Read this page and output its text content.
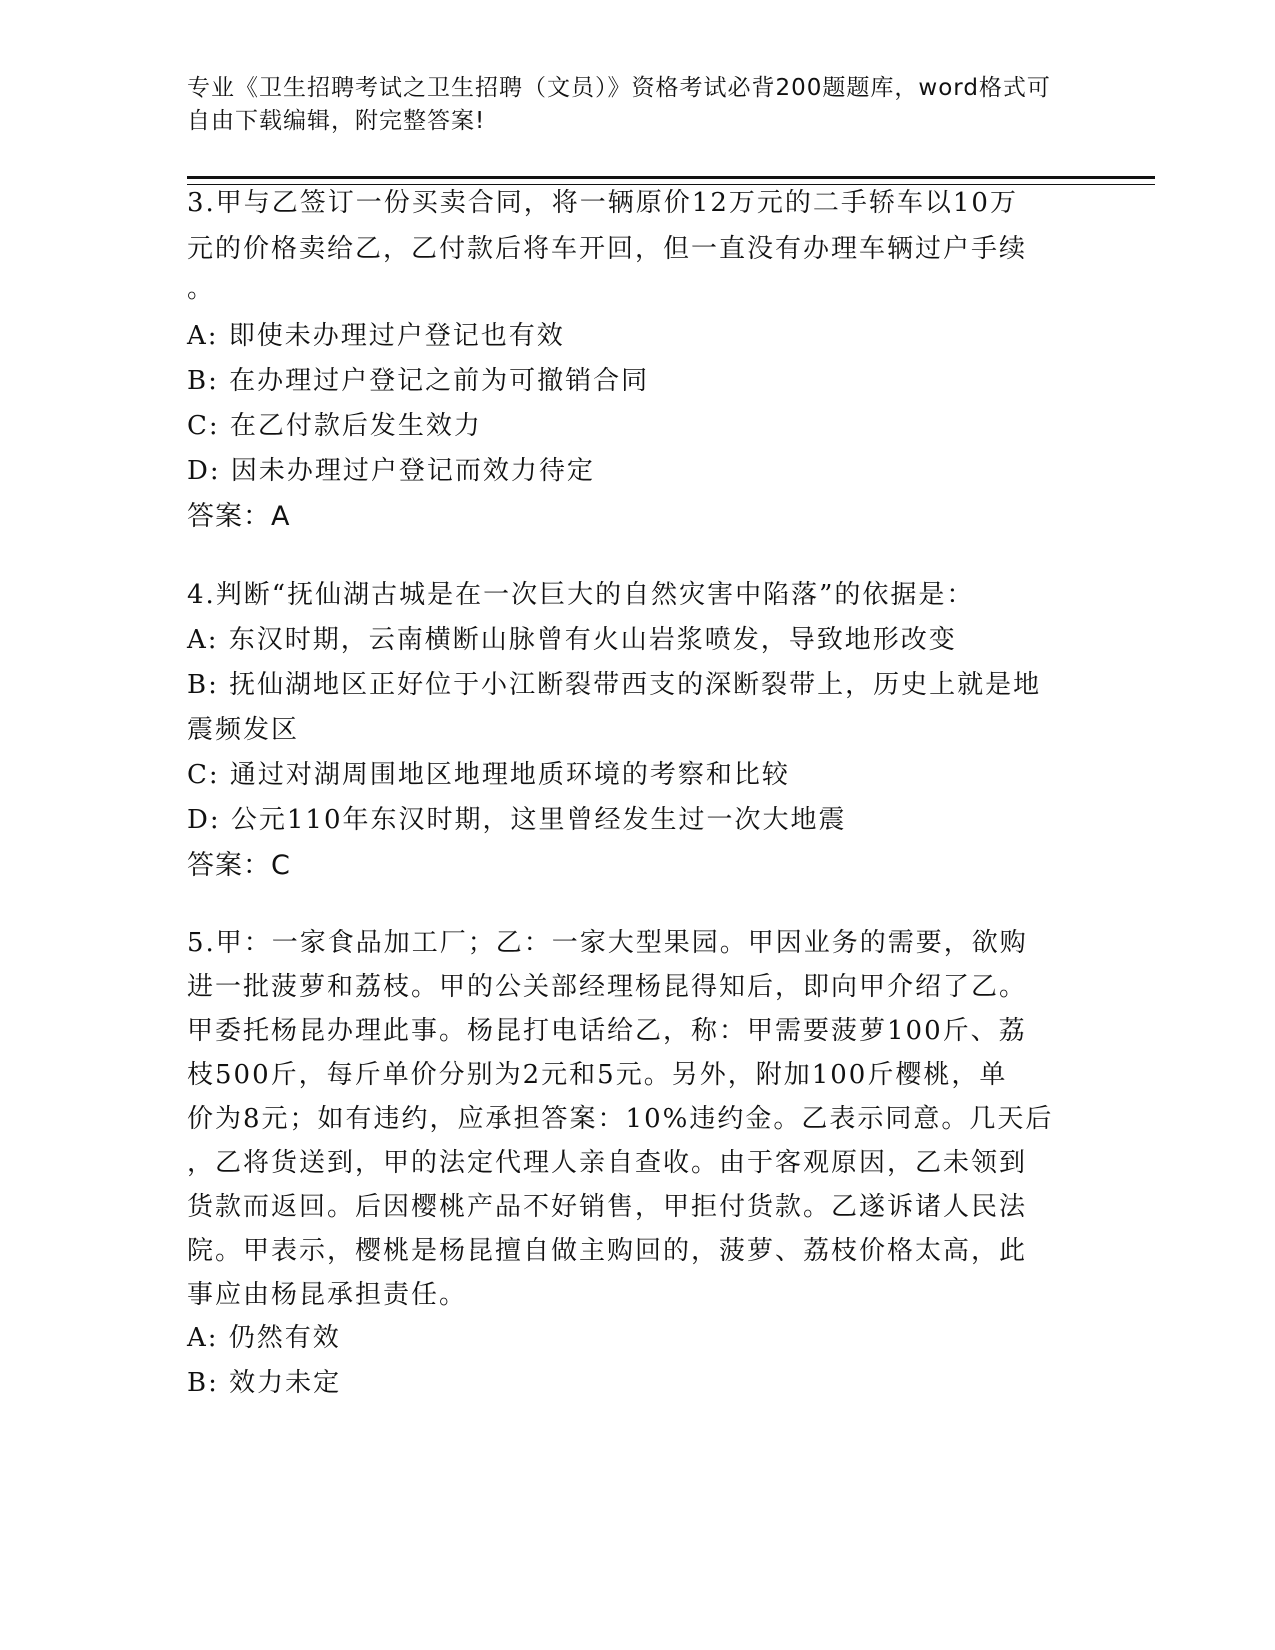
专业《卫生招聘考试之卫生招聘（文员）》资格考试必背200题题库，word格式可自由下载编辑，附完整答案!
3.甲与乙签订一份买卖合同，将一辆原价12万元的二手轿车以10万
元的价格卖给乙，乙付款后将车开回，但一直没有办理车辆过户手续
。
A: 即使未办理过户登记也有效
B: 在办理过户登记之前为可撤销合同
C: 在乙付款后发生效力
D: 因未办理过户登记而效力待定
答案：A
4.判断“抚仙湖古城是在一次巨大的自然灾害中陷落”的依据是：
A: 东汉时期，云南横断山脉曾有火山岩浆喷发，导致地形改变
B: 抚仙湖地区正好位于小江断裂带西支的深断裂带上，历史上就是地震频发区
C: 通过对湖周围地区地理地质环境的考察和比较
D: 公元110年东汉时期，这里曾经发生过一次大地震
答案：C
5.甲：一家食品加工厂；乙：一家大型果园。甲因业务的需要，欲购
进一批菠萝和荔枝。甲的公关部经理杨昆得知后，即向甲介绍了乙。
甲委托杨昆办理此事。杨昆打电话给乙，称：甲需要菠萝100斤、荔
枝500斤，每斤单价分别为2元和5元。另外，附加100斤樱桃，单
价为8元；如有违约，应承担答案：10%违约金。乙表示同意。几天后
，乙将货送到，甲的法定代理人亲自查收。由于客观原因，乙未领到
货款而返回。后因樱桃产品不好销售，甲拒付货款。乙遂诉诸人民法
院。甲表示，樱桃是杨昆擅自做主购回的，菠萝、荔枝价格太高，此
事应由杨昆承担责任。
A: 仍然有效
B: 效力未定
